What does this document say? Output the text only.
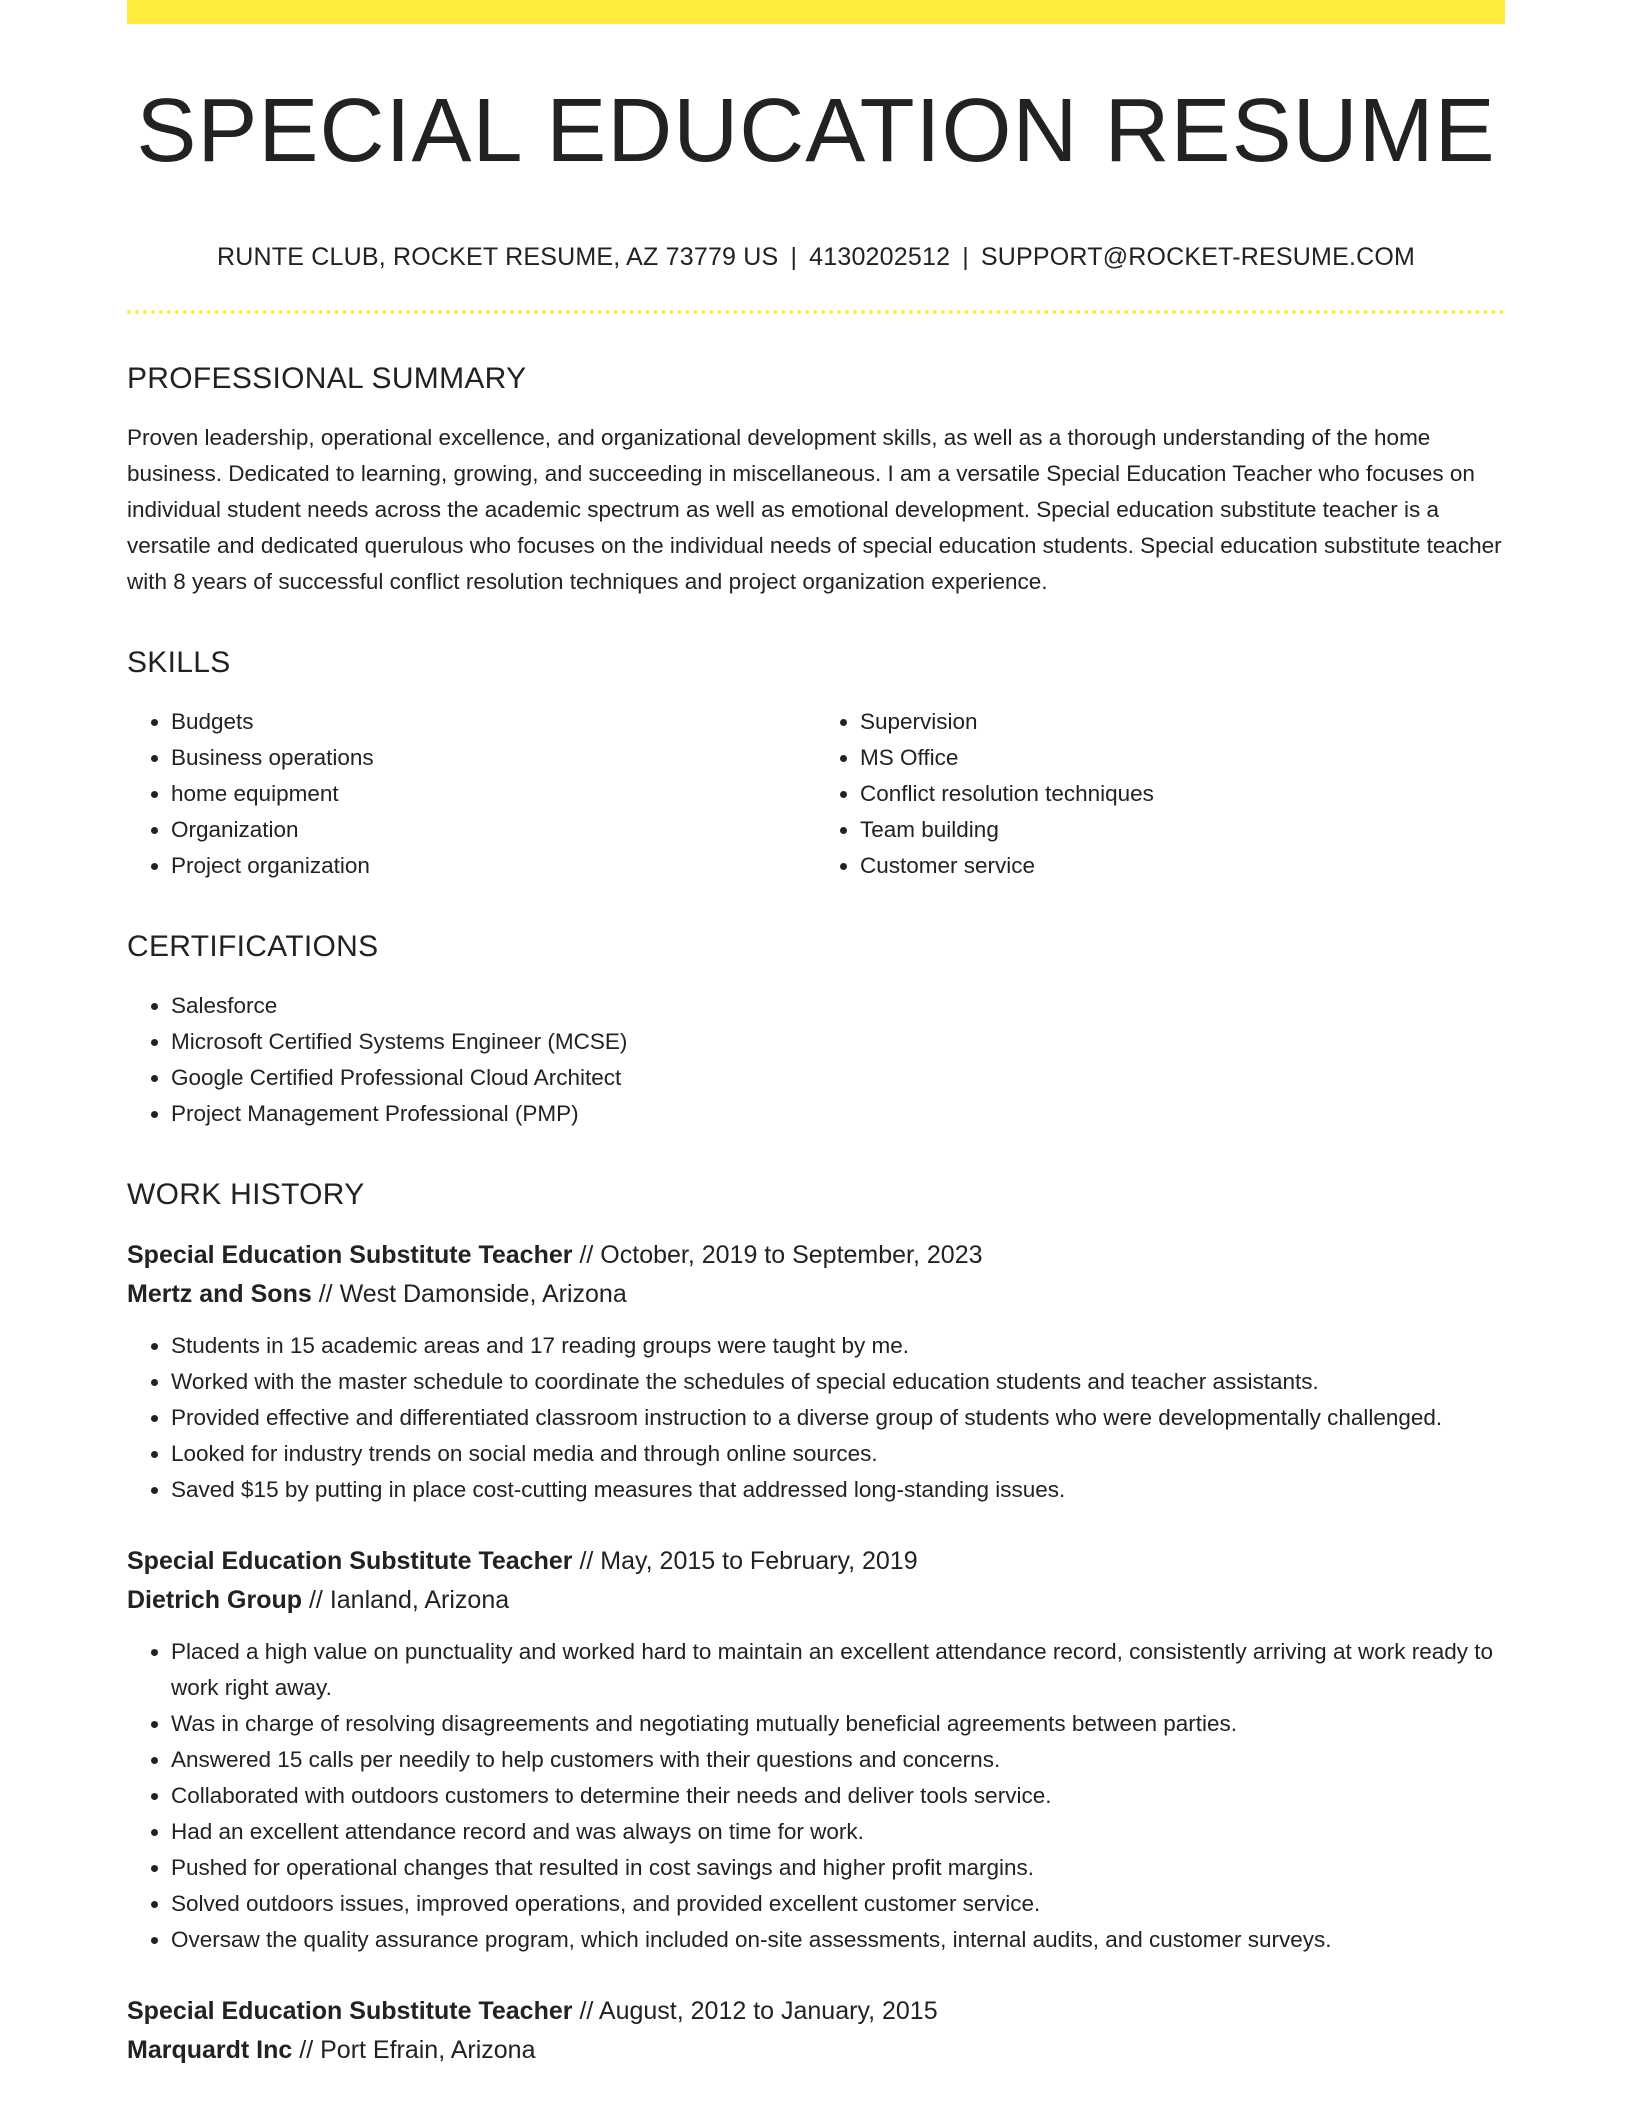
SPECIAL EDUCATION RESUME
RUNTE CLUB, ROCKET RESUME, AZ 73779 US | 4130202512 | SUPPORT@ROCKET-RESUME.COM
PROFESSIONAL SUMMARY

Proven leadership, operational excellence, and organizational development skills, as well as a thorough understanding of the home business. Dedicated to learning, growing, and succeeding in miscellaneous. I am a versatile Special Education Teacher who focuses on individual student needs across the academic spectrum as well as emotional development. Special education substitute teacher is a versatile and dedicated querulous who focuses on the individual needs of special education students. Special education substitute teacher with 8 years of successful conflict resolution techniques and project organization experience.

SKILLS
• Budgets
• Business operations
• home equipment
• Organization
• Project organization
• Supervision
• MS Office
• Conflict resolution techniques
• Team building
• Customer service
CERTIFICATIONS
• Salesforce
• Microsoft Certified Systems Engineer (MCSE)
• Google Certified Professional Cloud Architect
• Project Management Professional (PMP)
WORK HISTORY
Special Education Substitute Teacher // October, 2019 to September, 2023
Mertz and Sons // West Damonside, Arizona
• Students in 15 academic areas and 17 reading groups were taught by me.
• Worked with the master schedule to coordinate the schedules of special education students and teacher assistants.
• Provided effective and differentiated classroom instruction to a diverse group of students who were developmentally challenged.
• Looked for industry trends on social media and through online sources.
• Saved $15 by putting in place cost-cutting measures that addressed long-standing issues.
Special Education Substitute Teacher // May, 2015 to February, 2019
Dietrich Group // Ianland, Arizona
• Placed a high value on punctuality and worked hard to maintain an excellent attendance record, consistently arriving at work ready to work right away.
• Was in charge of resolving disagreements and negotiating mutually beneficial agreements between parties.
• Answered 15 calls per needily to help customers with their questions and concerns.
• Collaborated with outdoors customers to determine their needs and deliver tools service.
• Had an excellent attendance record and was always on time for work.
• Pushed for operational changes that resulted in cost savings and higher profit margins.
• Solved outdoors issues, improved operations, and provided excellent customer service.
• Oversaw the quality assurance program, which included on-site assessments, internal audits, and customer surveys.
Special Education Substitute Teacher // August, 2012 to January, 2015
Marquardt Inc // Port Efrain, Arizona
